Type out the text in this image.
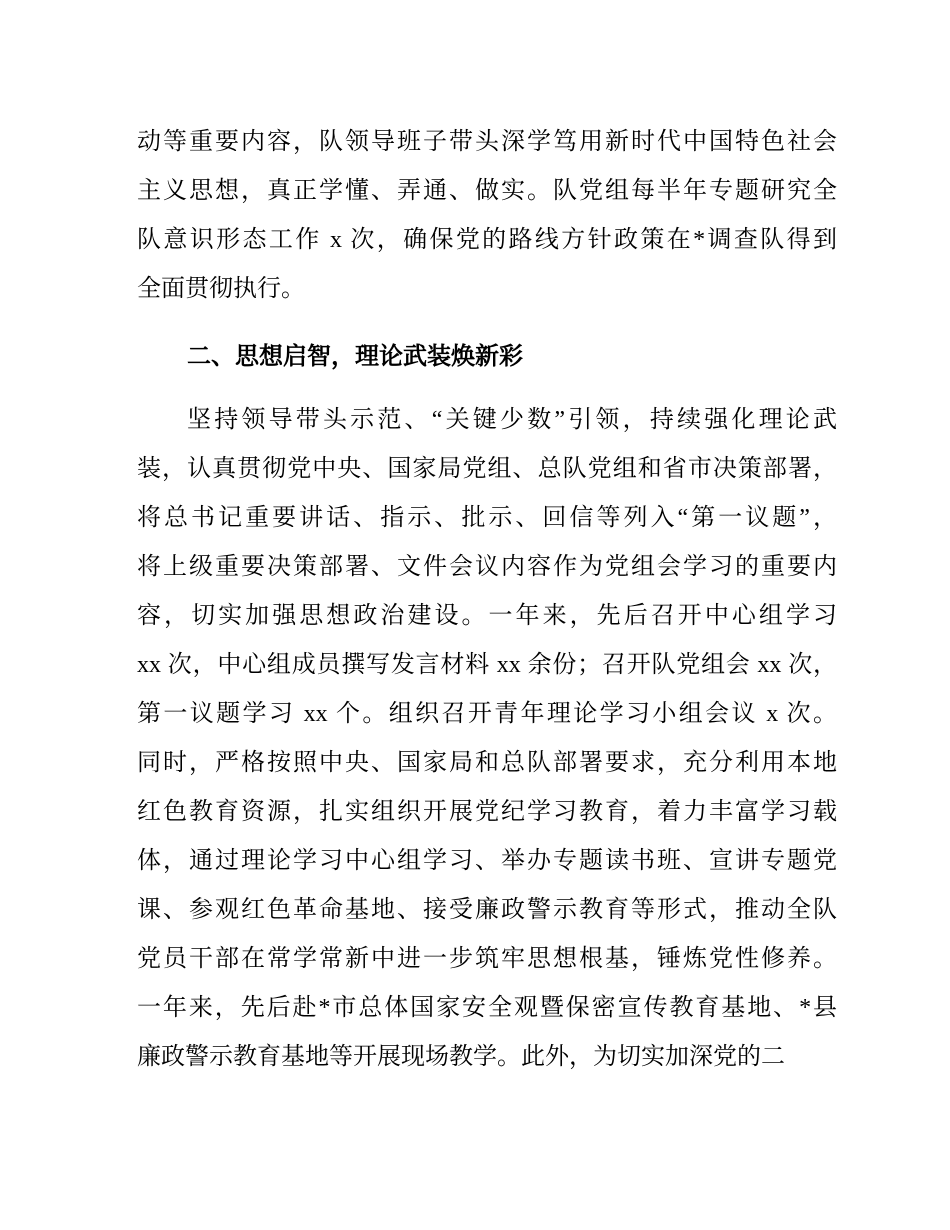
动等重要内容，队领导班子带头深学笃用新时代中国特色社会
主义思想，真正学懂、弄通、做实。队党组每半年专题研究全
队意识形态工作 x 次，确保党的路线方针政策在*调查队得到
全面贯彻执行。
二、思想启智，理论武装焕新彩
坚持领导带头示范、“关键少数”引领，持续强化理论武
装，认真贯彻党中央、国家局党组、总队党组和省市决策部署，
将总书记重要讲话、指示、批示、回信等列入“第一议题”，
将上级重要决策部署、文件会议内容作为党组会学习的重要内
容，切实加强思想政治建设。一年来，先后召开中心组学习
xx 次，中心组成员撰写发言材料 xx 余份；召开队党组会 xx 次，
第一议题学习 xx 个。组织召开青年理论学习小组会议 x 次。
同时，严格按照中央、国家局和总队部署要求，充分利用本地
红色教育资源，扎实组织开展党纪学习教育，着力丰富学习载
体，通过理论学习中心组学习、举办专题读书班、宣讲专题党
课、参观红色革命基地、接受廉政警示教育等形式，推动全队
党员干部在常学常新中进一步筑牢思想根基，锤炼党性修养。
一年来，先后赴*市总体国家安全观暨保密宣传教育基地、*县
廉政警示教育基地等开展现场教学。此外，为切实加深党的二
